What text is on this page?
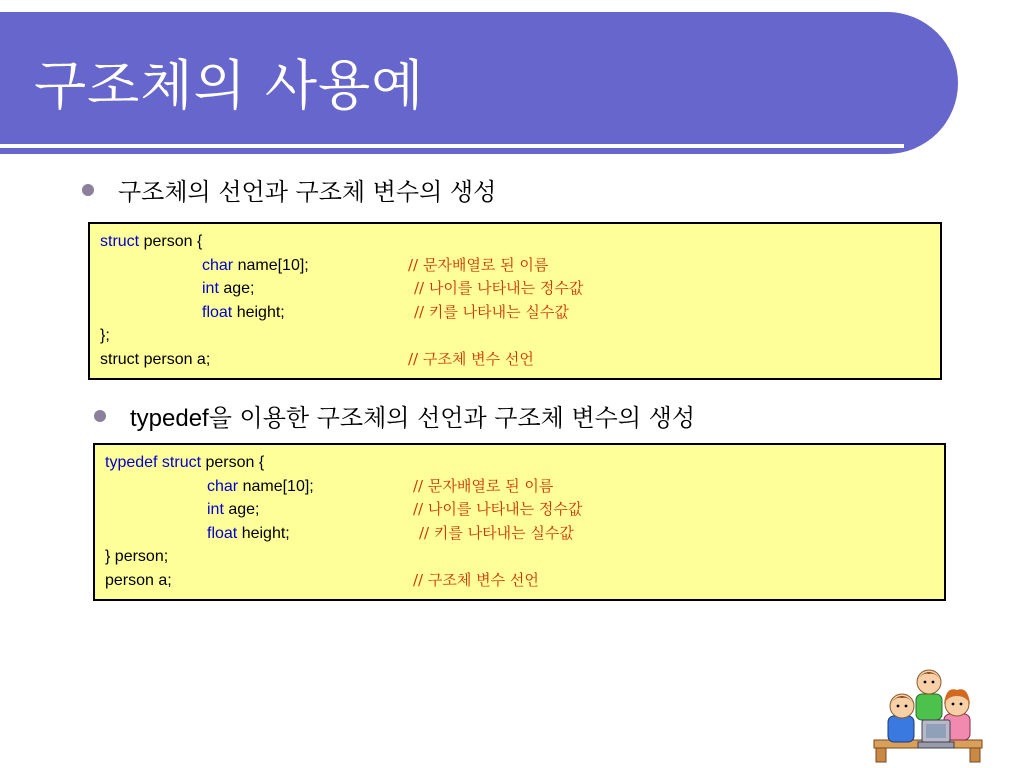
구조체의 사용예
구조체의 선언과 구조체 변수의 생성
struct person {
char name[10];	// 문자배열로 된 이름
int age;	// 나이를 나타내는 정수값
float height;	// 키를 나타내는 실수값
};
struct person a;	// 구조체 변수 선언
typedef을 이용한 구조체의 선언과 구조체 변수의 생성
typedef struct person {
char name[10];	// 문자배열로 된 이름
int age;	// 나이를 나타내는 정수값
float height;	// 키를 나타내는 실수값
} person;
person a;	// 구조체 변수 선언
